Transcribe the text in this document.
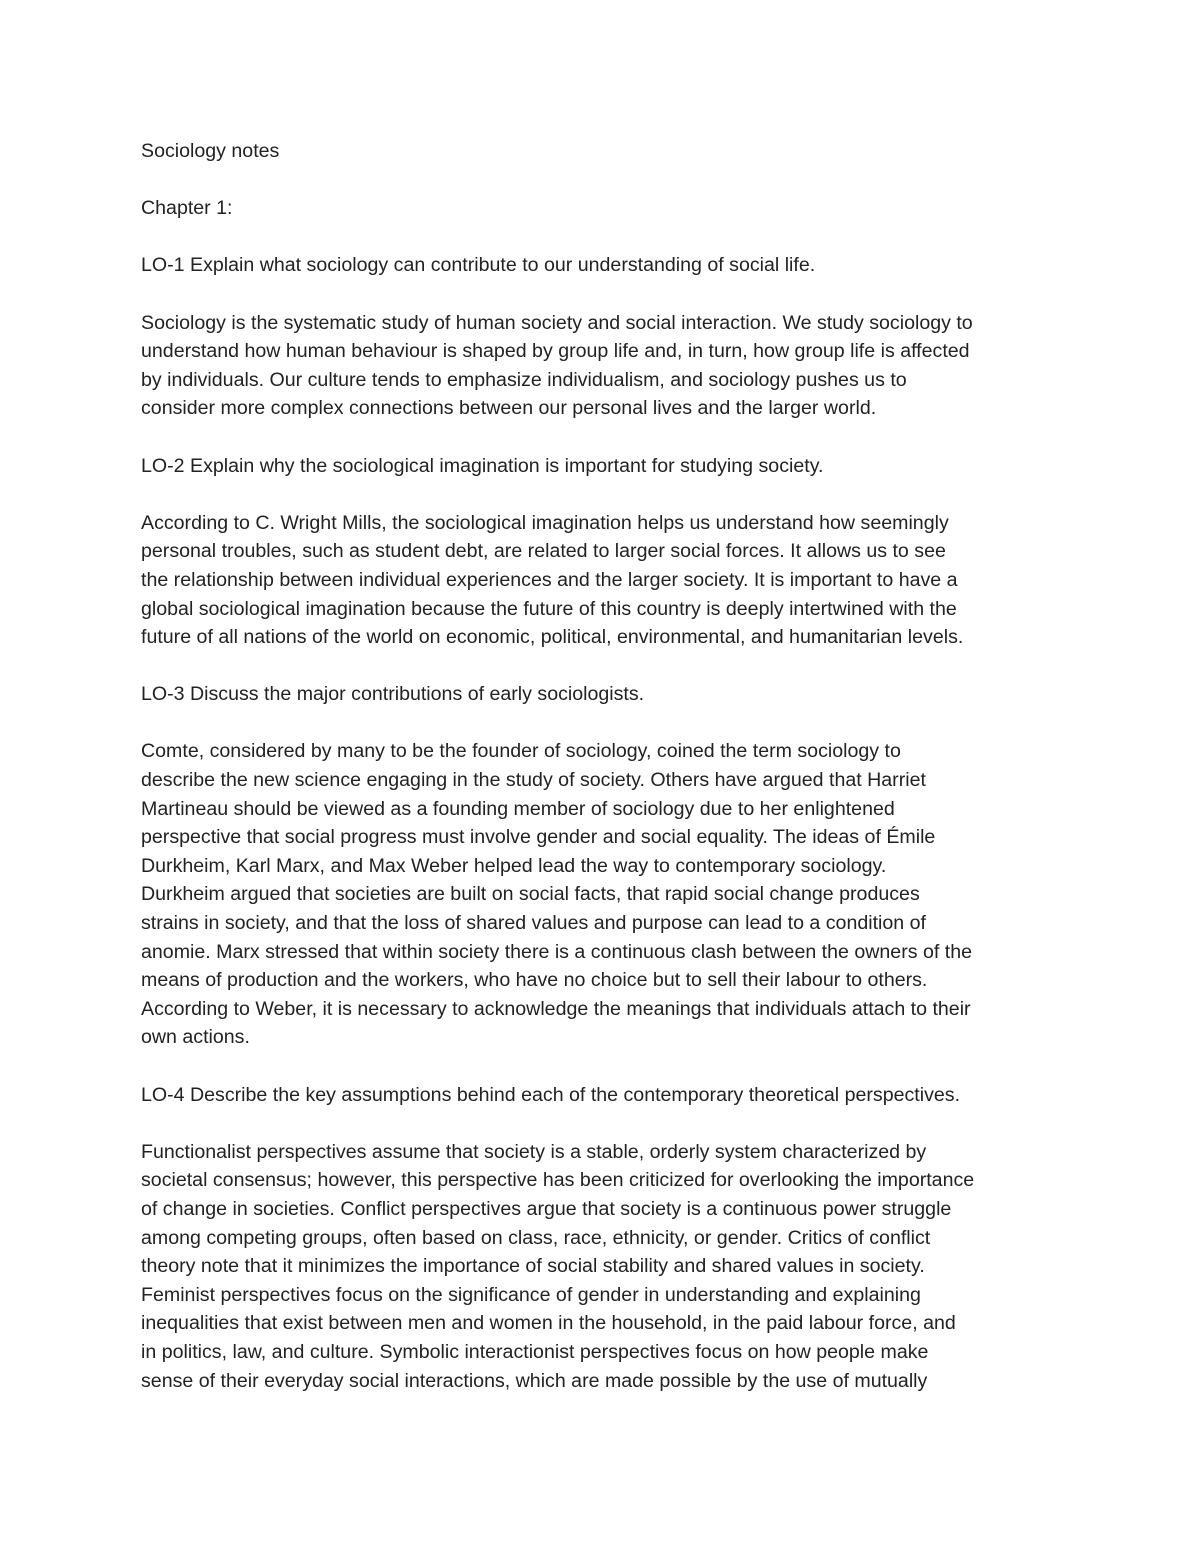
Sociology notes

Chapter 1:

LO-1 Explain what sociology can contribute to our understanding of social life.

Sociology is the systematic study of human society and social interaction. We study sociology to
understand how human behaviour is shaped by group life and, in turn, how group life is affected
by individuals. Our culture tends to emphasize individualism, and sociology pushes us to
consider more complex connections between our personal lives and the larger world.

LO-2 Explain why the sociological imagination is important for studying society.

According to C. Wright Mills, the sociological imagination helps us understand how seemingly
personal troubles, such as student debt, are related to larger social forces. It allows us to see
the relationship between individual experiences and the larger society. It is important to have a
global sociological imagination because the future of this country is deeply intertwined with the
future of all nations of the world on economic, political, environmental, and humanitarian levels.

LO-3 Discuss the major contributions of early sociologists.

Comte, considered by many to be the founder of sociology, coined the term sociology to
describe the new science engaging in the study of society. Others have argued that Harriet
Martineau should be viewed as a founding member of sociology due to her enlightened
perspective that social progress must involve gender and social equality. The ideas of Émile
Durkheim, Karl Marx, and Max Weber helped lead the way to contemporary sociology.
Durkheim argued that societies are built on social facts, that rapid social change produces
strains in society, and that the loss of shared values and purpose can lead to a condition of
anomie. Marx stressed that within society there is a continuous clash between the owners of the
means of production and the workers, who have no choice but to sell their labour to others.
According to Weber, it is necessary to acknowledge the meanings that individuals attach to their
own actions.

LO-4 Describe the key assumptions behind each of the contemporary theoretical perspectives.

Functionalist perspectives assume that society is a stable, orderly system characterized by
societal consensus; however, this perspective has been criticized for overlooking the importance
of change in societies. Conflict perspectives argue that society is a continuous power struggle
among competing groups, often based on class, race, ethnicity, or gender. Critics of conflict
theory note that it minimizes the importance of social stability and shared values in society.
Feminist perspectives focus on the significance of gender in understanding and explaining
inequalities that exist between men and women in the household, in the paid labour force, and
in politics, law, and culture. Symbolic interactionist perspectives focus on how people make
sense of their everyday social interactions, which are made possible by the use of mutually
